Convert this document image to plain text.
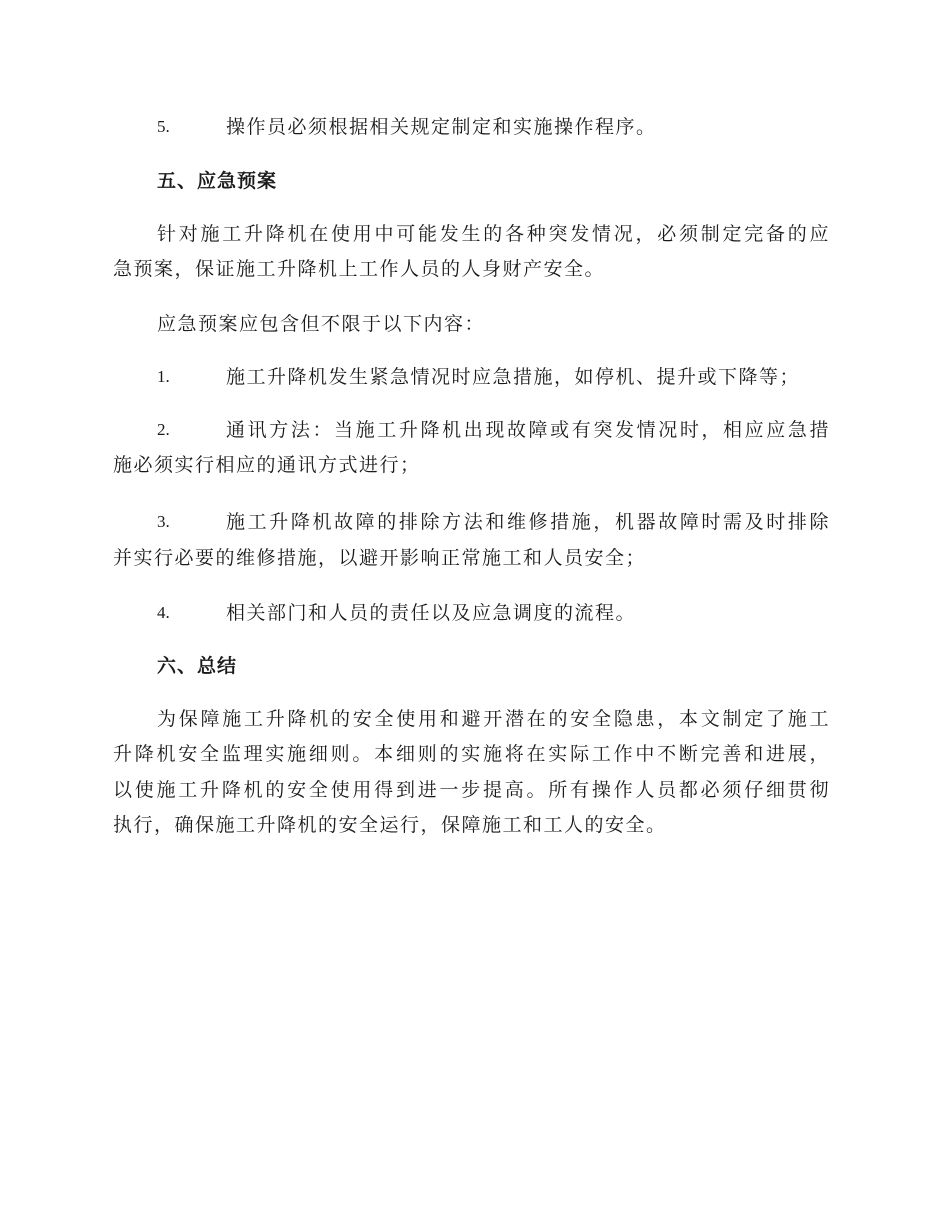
5.	操作员必须根据相关规定制定和实施操作程序。
五、应急预案
针对施工升降机在使用中可能发生的各种突发情况，必须制定完备的应
急预案，保证施工升降机上工作人员的人身财产安全。
应急预案应包含但不限于以下内容：
1.	施工升降机发生紧急情况时应急措施，如停机、提升或下降等；
2.	通讯方法：当施工升降机出现故障或有突发情况时，相应应急措
施必须实行相应的通讯方式进行；
3.	施工升降机故障的排除方法和维修措施，机器故障时需及时排除
并实行必要的维修措施，以避开影响正常施工和人员安全；
4.	相关部门和人员的责任以及应急调度的流程。
六、总结
为保障施工升降机的安全使用和避开潜在的安全隐患，本文制定了施工
升降机安全监理实施细则。本细则的实施将在实际工作中不断完善和进展，
以使施工升降机的安全使用得到进一步提高。所有操作人员都必须仔细贯彻
执行，确保施工升降机的安全运行，保障施工和工人的安全。
